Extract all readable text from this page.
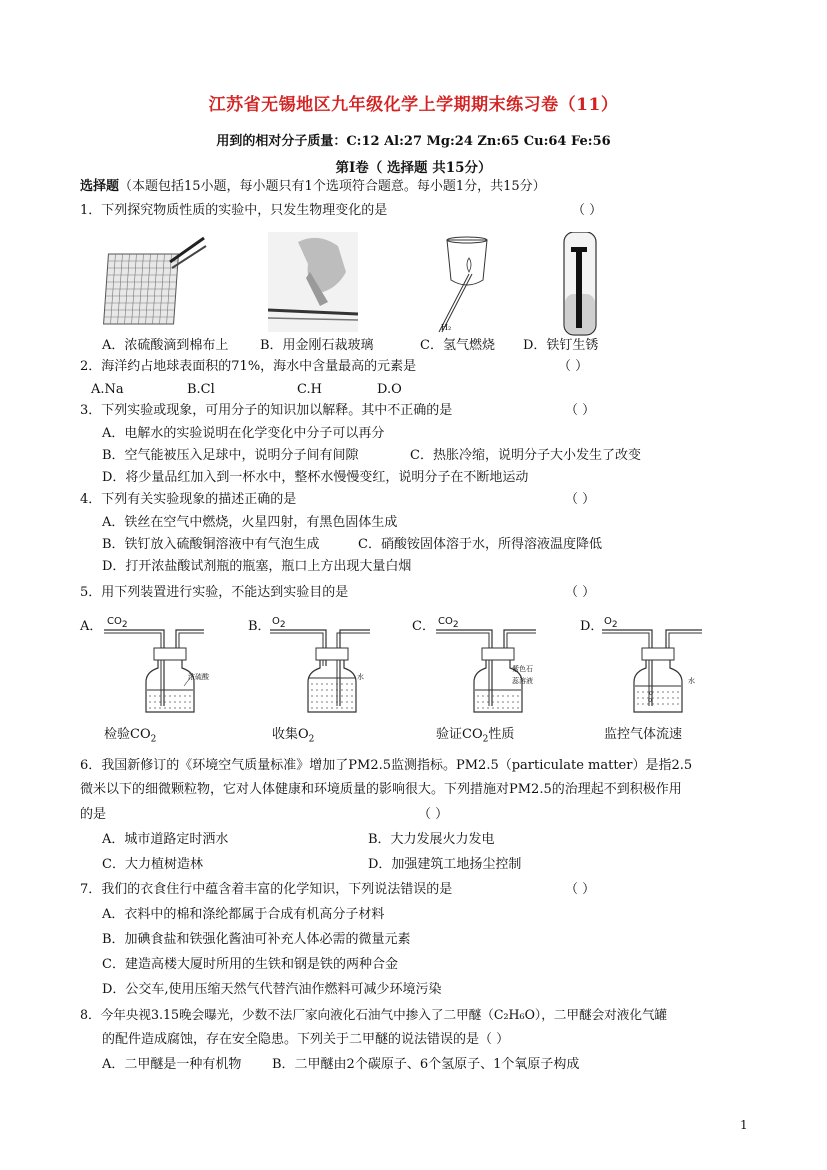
江苏省无锡地区九年级化学上学期期末练习卷（11）
用到的相对分子质量：C:12 Al:27 Mg:24 Zn:65 Cu:64 Fe:56
第Ⅰ卷（ 选择题 共15分）
选择题（本题包括15小题，每小题只有1个选项符合题意。每小题1分，共15分）
1．下列探究物质性质的实验中，只发生物理变化的是	（ ）
H₂
A．浓硫酸滴到棉布上 B．用金刚石裁玻璃	C．氢气燃烧 D．铁钉生锈
2．海洋约占地球表面积的71%，海水中含量最高的元素是	（ ）
A.Na	B.Cl	C.H	D.O
3．下列实验或现象，可用分子的知识加以解释。其中不正确的是	（ ）
A．电解水的实验说明在化学变化中分子可以再分
B．空气能被压入足球中，说明分子间有间隙	C．热胀冷缩，说明分子大小发生了改变
D．将少量品红加入到一杯水中，整杯水慢慢变红，说明分子在不断地运动
4．下列有关实验现象的描述正确的是	（ ）
A．铁丝在空气中燃烧，火星四射，有黑色固体生成
B．铁钉放入硫酸铜溶液中有气泡生成	C．硝酸铵固体溶于水，所得溶液温度降低
D．打开浓盐酸试剂瓶的瓶塞，瓶口上方出现大量白烟
5．用下列装置进行实验，不能达到实验目的是	（ ）
A． $CO_2$
浓硫酸
检验$CO_2$
B． $O_2$
水
收集$O_2$
C． $CO_2$
紫色石
蕊溶液
验证$CO_2$性质
D． $O_2$
水
监控气体流速
6．我国新修订的《环境空气质量标准》增加了PM2.5监测指标。PM2.5（particulate matter）是指2.5
微米以下的细微颗粒物，它对人体健康和环境质量的影响很大。下列措施对PM2.5的治理起不到积极作用
的是	（ ）
A．城市道路定时洒水	B．大力发展火力发电
C．大力植树造林	D．加强建筑工地扬尘控制
7．我们的衣食住行中蕴含着丰富的化学知识，下列说法错误的是	（ ）
A．衣料中的棉和涤纶都属于合成有机高分子材料
B．加碘食盐和铁强化酱油可补充人体必需的微量元素
C．建造高楼大厦时所用的生铁和钢是铁的两种合金
D．公交车,使用压缩天然气代替汽油作燃料可减少环境污染
8．今年央视3.15晚会曝光，少数不法厂家向液化石油气中掺入了二甲醚（C₂H₆O），二甲醚会对液化气罐
的配件造成腐蚀，存在安全隐患。下列关于二甲醚的说法错误的是（ ）
A．二甲醚是一种有机物 B．二甲醚由2个碳原子、6个氢原子、1个氧原子构成
1
